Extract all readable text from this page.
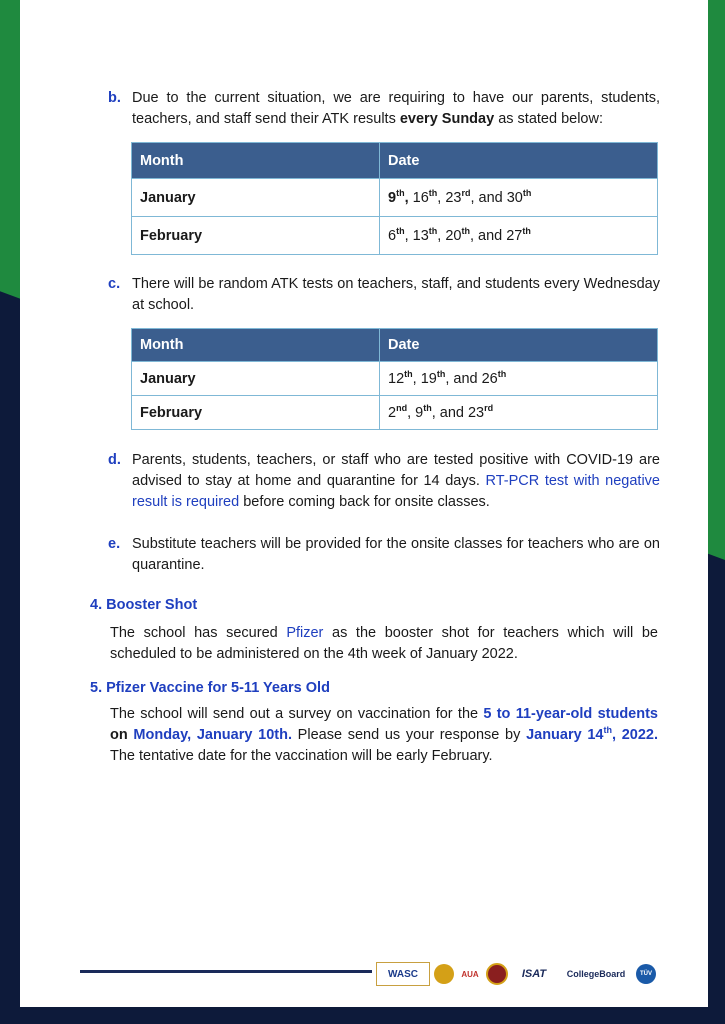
b. Due to the current situation, we are requiring to have our parents, students, teachers, and staff send their ATK results every Sunday as stated below:
Month	Date
January	9th, 16th, 23rd, and 30th
February	6th, 13th, 20th, and 27th
c. There will be random ATK tests on teachers, staff, and students every Wednesday at school.
Month	Date
January	12th, 19th, and 26th
February	2nd, 9th, and 23rd
d. Parents, students, teachers, or staff who are tested positive with COVID-19 are advised to stay at home and quarantine for 14 days. RT-PCR test with negative result is required before coming back for onsite classes.
e. Substitute teachers will be provided for the onsite classes for teachers who are on quarantine.
4. Booster Shot
The school has secured Pfizer as the booster shot for teachers which will be scheduled to be administered on the 4th week of January 2022.
5. Pfizer Vaccine for 5-11 Years Old
The school will send out a survey on vaccination for the 5 to 11-year-old students on Monday, January 10th. Please send us your response by January 14th, 2022. The tentative date for the vaccination will be early February.
WASC	AUA	ISAT	CollegeBoard	TÜV
